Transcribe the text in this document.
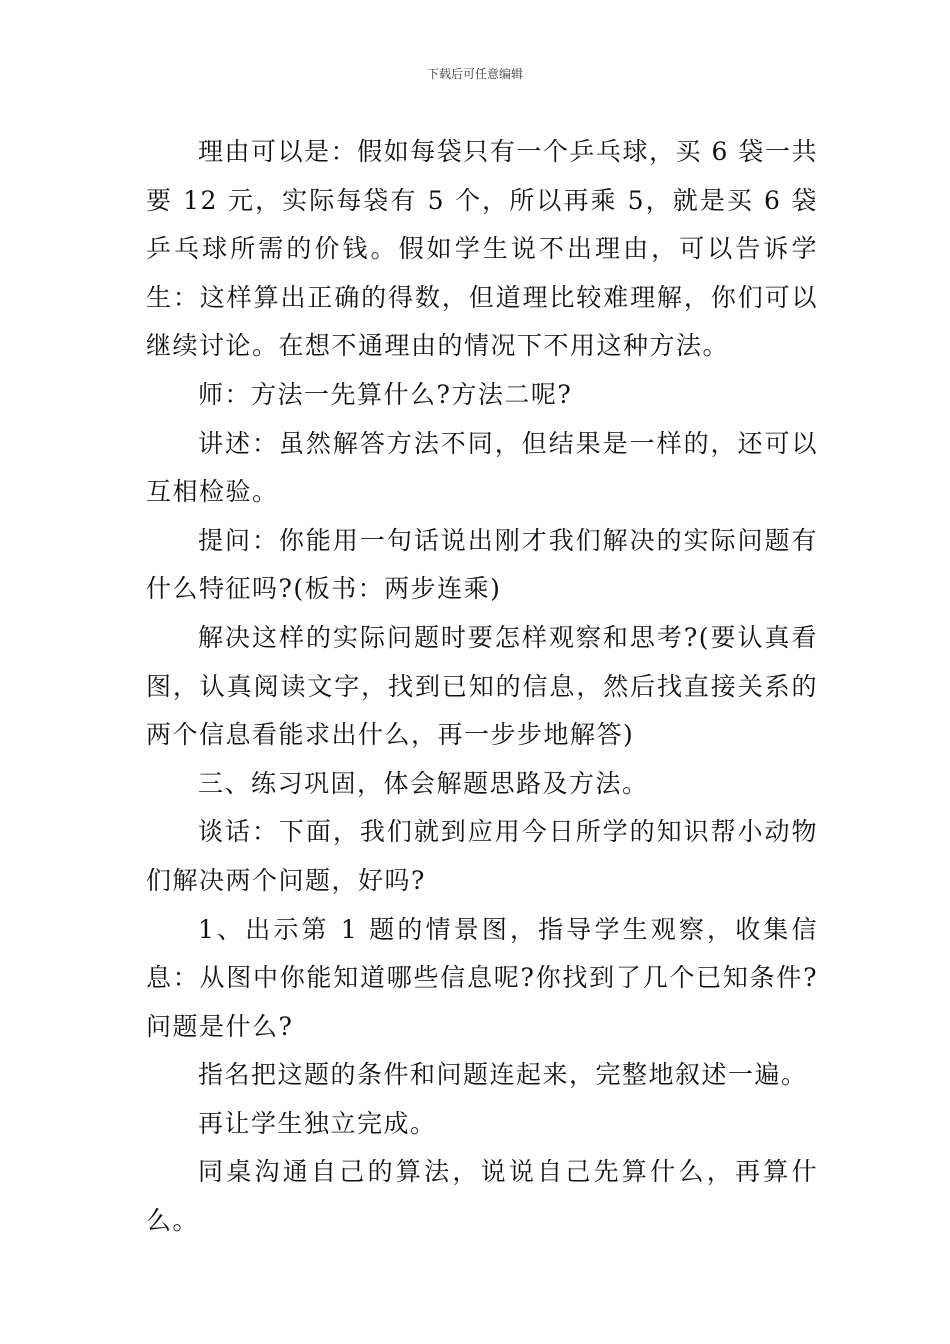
下载后可任意编辑

理由可以是：假如每袋只有一个乒乓球，买 6 袋一共要 12 元，实际每袋有 5 个，所以再乘 5，就是买 6 袋乒乓球所需的价钱。假如学生说不出理由，可以告诉学生：这样算出正确的得数，但道理比较难理解，你们可以继续讨论。在想不通理由的情况下不用这种方法。

师：方法一先算什么?方法二呢?

讲述：虽然解答方法不同，但结果是一样的，还可以互相检验。

提问：你能用一句话说出刚才我们解决的实际问题有什么特征吗?(板书：两步连乘)

解决这样的实际问题时要怎样观察和思考?(要认真看图，认真阅读文字，找到已知的信息，然后找直接关系的两个信息看能求出什么，再一步步地解答)

三、练习巩固，体会解题思路及方法。

谈话：下面，我们就到应用今日所学的知识帮小动物们解决两个问题，好吗?

1、出示第 1 题的情景图，指导学生观察，收集信息：从图中你能知道哪些信息呢?你找到了几个已知条件?问题是什么?

指名把这题的条件和问题连起来，完整地叙述一遍。

再让学生独立完成。

同桌沟通自己的算法，说说自己先算什么，再算什么。
